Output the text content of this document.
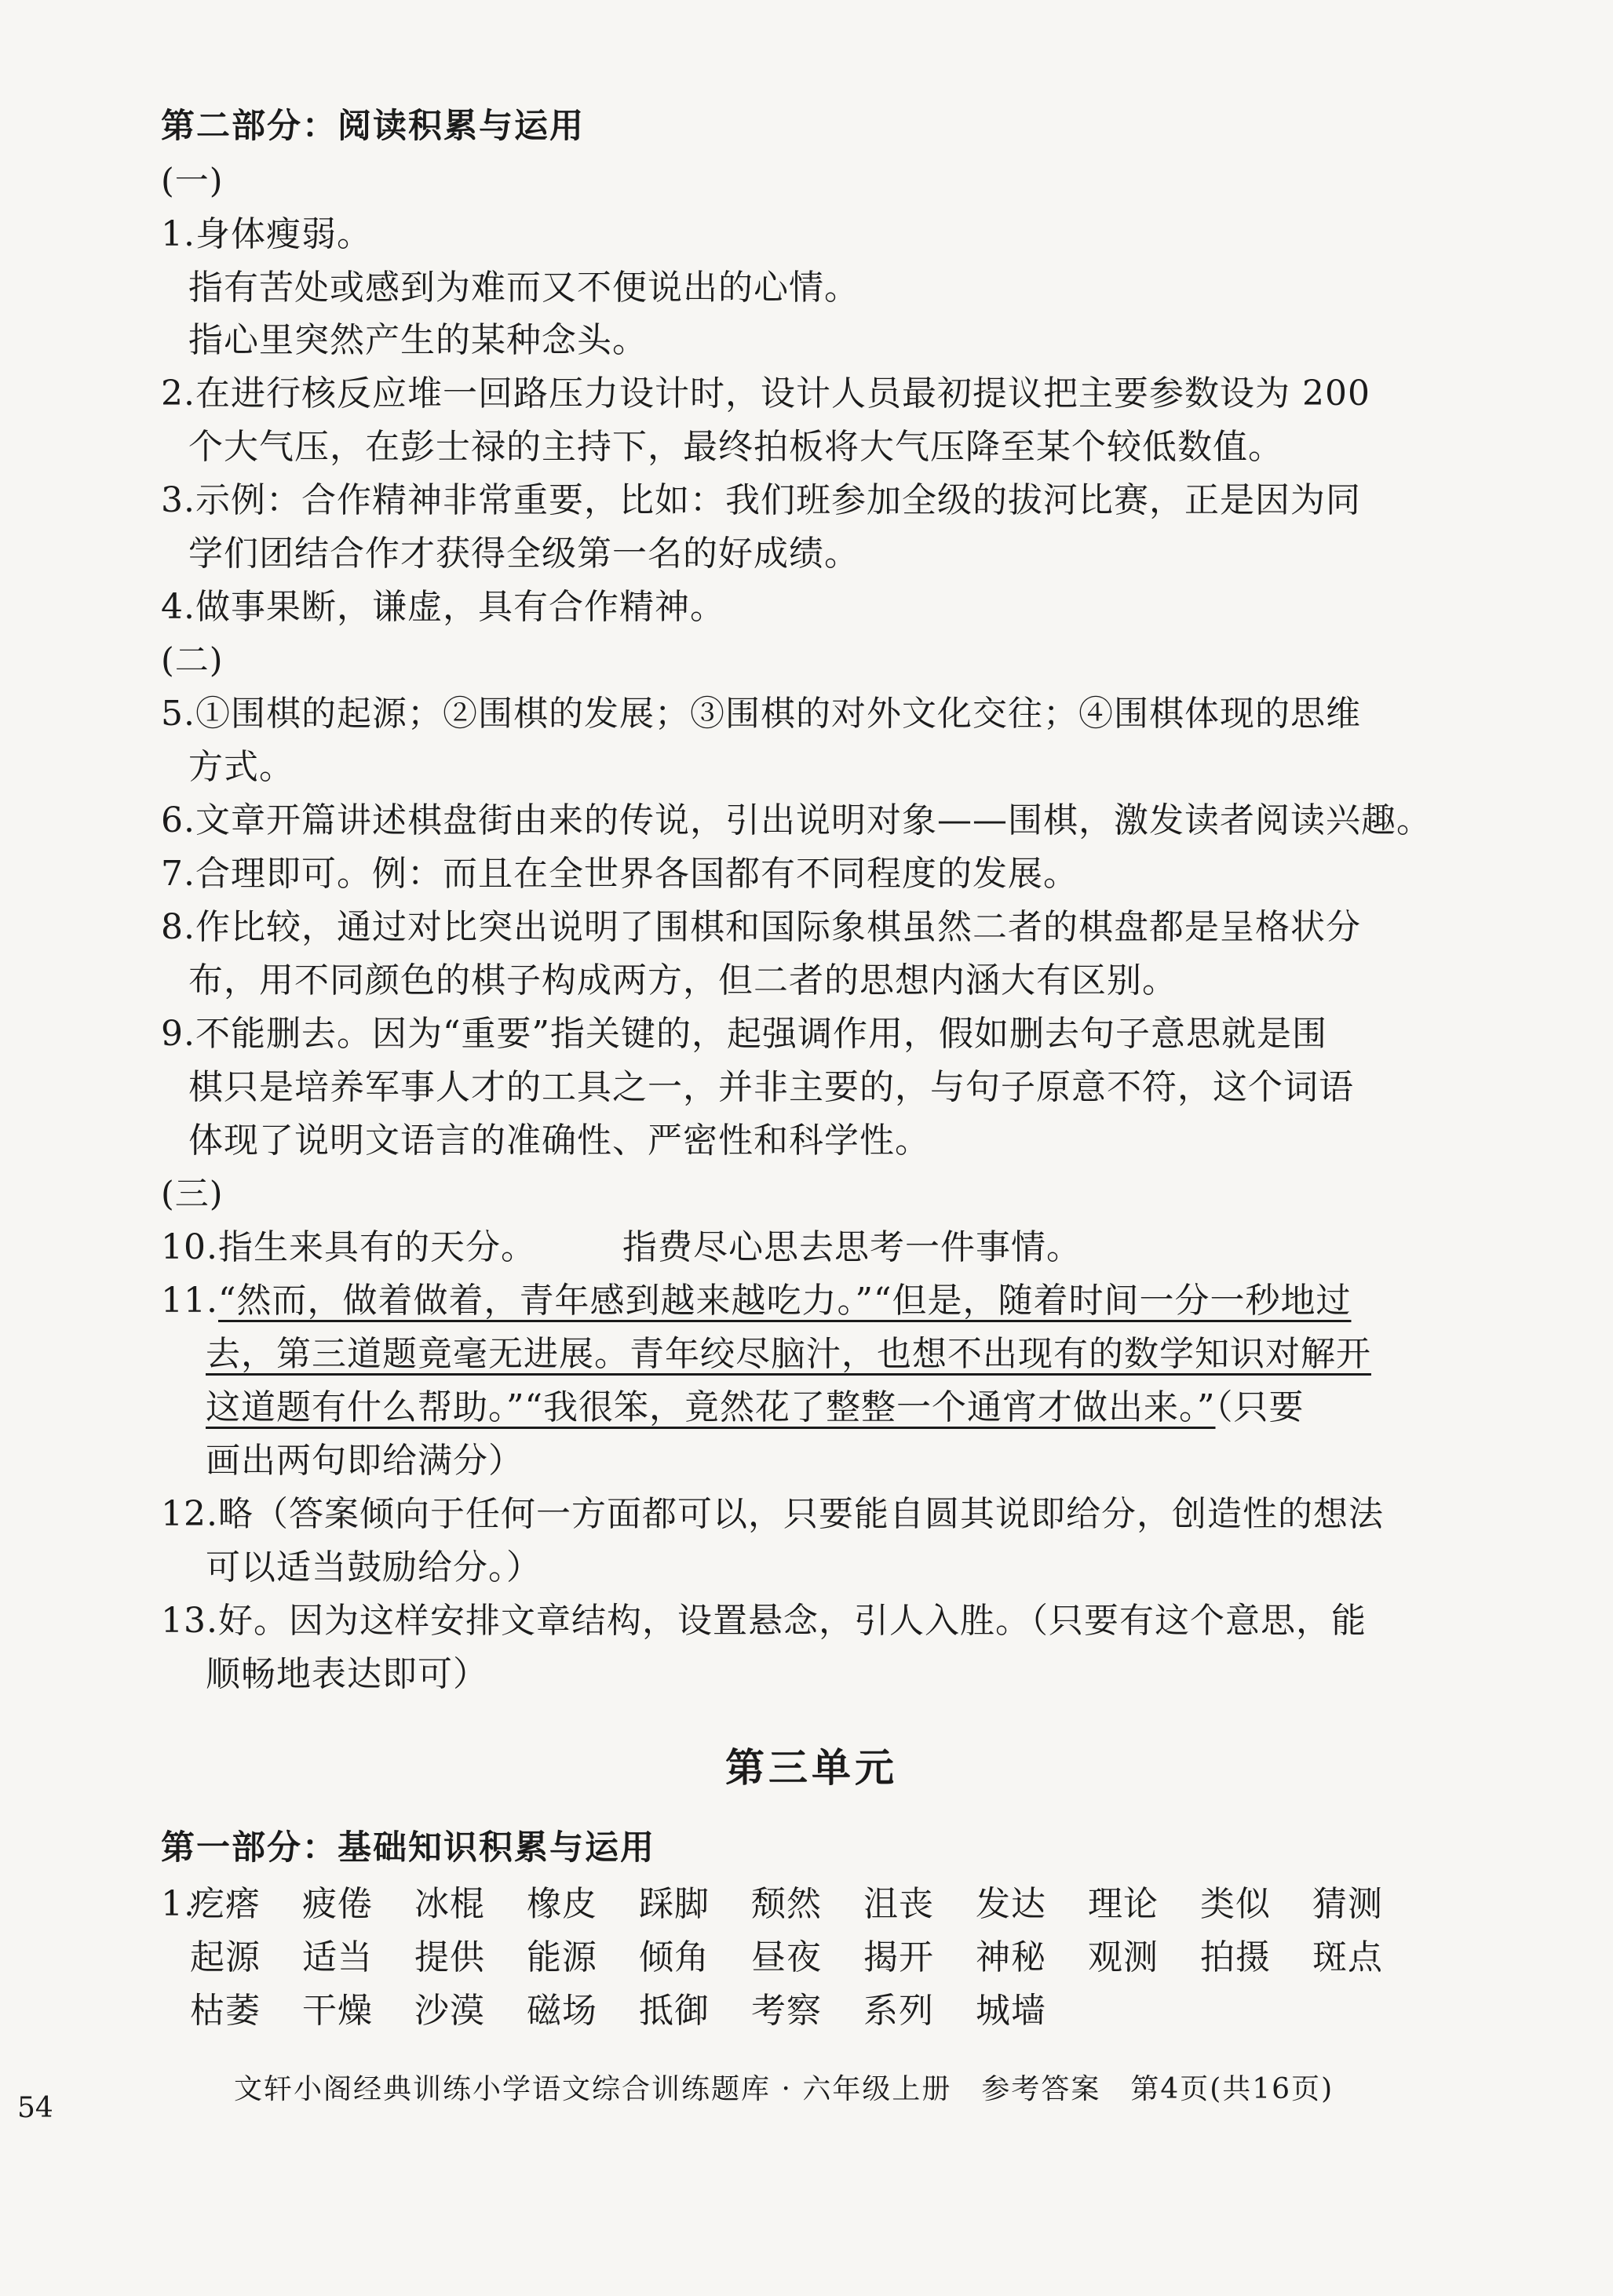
第二部分：阅读积累与运用
(一)
1.身体瘦弱。
指有苦处或感到为难而又不便说出的心情。
指心里突然产生的某种念头。
2.在进行核反应堆一回路压力设计时，设计人员最初提议把主要参数设为 200
个大气压，在彭士禄的主持下，最终拍板将大气压降至某个较低数值。
3.示例：合作精神非常重要，比如：我们班参加全级的拔河比赛，正是因为同
学们团结合作才获得全级第一名的好成绩。
4.做事果断，谦虚，具有合作精神。
(二)
5.①围棋的起源；②围棋的发展；③围棋的对外文化交往；④围棋体现的思维
方式。
6.文章开篇讲述棋盘街由来的传说，引出说明对象——围棋，激发读者阅读兴趣。
7.合理即可。例：而且在全世界各国都有不同程度的发展。
8.作比较，通过对比突出说明了围棋和国际象棋虽然二者的棋盘都是呈格状分
布，用不同颜色的棋子构成两方，但二者的思想内涵大有区别。
9.不能删去。因为“重要”指关键的，起强调作用，假如删去句子意思就是围
棋只是培养军事人才的工具之一，并非主要的，与句子原意不符，这个词语
体现了说明文语言的准确性、严密性和科学性。
(三)
10.指生来具有的天分。	指费尽心思去思考一件事情。
11.“然而，做着做着，青年感到越来越吃力。”“但是，随着时间一分一秒地过
去，第三道题竟毫无进展。青年绞尽脑汁，也想不出现有的数学知识对解开
这道题有什么帮助。”“我很笨，竟然花了整整一个通宵才做出来。”（只要
画出两句即给满分）
12.略（答案倾向于任何一方面都可以，只要能自圆其说即给分，创造性的想法
可以适当鼓励给分。）
13.好。因为这样安排文章结构，设置悬念，引人入胜。（只要有这个意思，能
顺畅地表达即可）
第三单元
第一部分：基础知识积累与运用
1.
疙瘩 疲倦 冰棍 橡皮 踩脚 颓然 沮丧 发达 理论 类似 猜测
起源 适当 提供 能源 倾角 昼夜 揭开 神秘 观测 拍摄 斑点
枯萎 干燥 沙漠 磁场 抵御 考察 系列 城墙
54
文轩小阁经典训练小学语文综合训练题库 · 六年级上册　参考答案　第4页(共16页)
